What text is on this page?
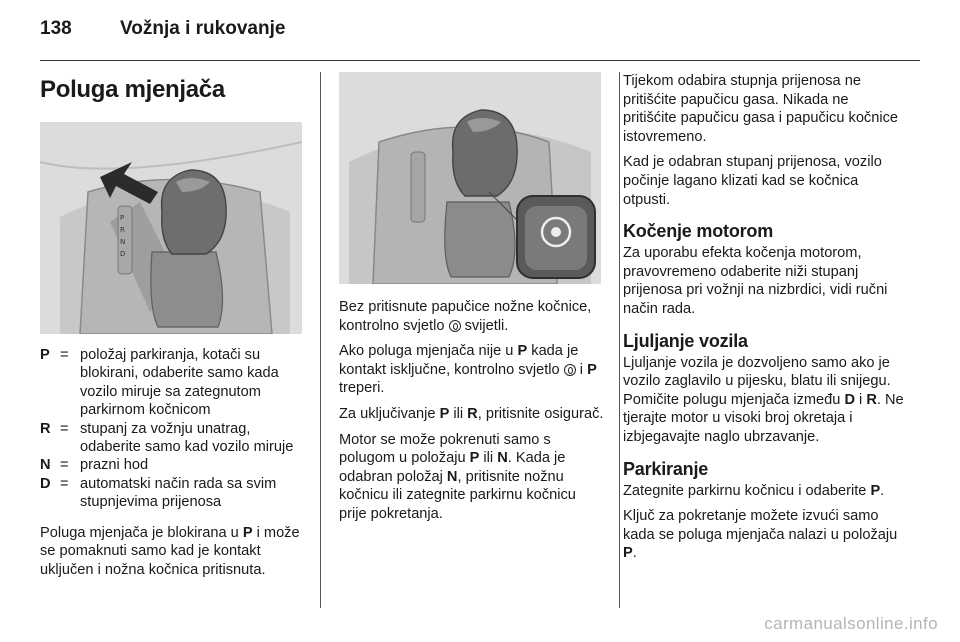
138	Vožnja i rukovanje
Poluga mjenjača
P
R
N
D
P = položaj parkiranja, kotači su blokirani, odaberite samo kada vozilo miruje sa zategnutom parkirnom kočnicom
R = stupanj za vožnju unatrag, odaberite samo kad vozilo miruje
N = prazni hod
D = automatski način rada sa svim stupnjevima prijenosa

Poluga mjenjača je blokirana u P i može se pomaknuti samo kad je kontakt uključen i nožna kočnica pritisnuta.

Bez pritisnute papučice nožne kočnice, kontrolno svjetlo  svijetli.

Ako poluga mjenjača nije u P kada je kontakt isključne, kontrolno svjetlo  i P treperi.

Za uključivanje P ili R, pritisnite osigurač.

Motor se može pokrenuti samo s polugom u položaju P ili N. Kada je odabran položaj N, pritisnite nožnu kočnicu ili zategnite parkirnu kočnicu prije pokretanja.

Tijekom odabira stupnja prijenosa ne pritišćite papučicu gasa. Nikada ne pritišćite papučicu gasa i papučicu kočnice istovremeno.

Kad je odabran stupanj prijenosa, vozilo počinje lagano klizati kad se kočnica otpusti.

Kočenje motorom

Za uporabu efekta kočenja motorom, pravovremeno odaberite niži stupanj prijenosa pri vožnji na nizbrdici, vidi ručni način rada.

Ljuljanje vozila

Ljuljanje vozila je dozvoljeno samo ako je vozilo zaglavilo u pijesku, blatu ili snijegu. Pomičite polugu mjenjača između D i R. Ne tjerajte motor u visoki broj okretaja i izbjegavajte naglo ubrzavanje.

Parkiranje

Zategnite parkirnu kočnicu i odaberite P.

Ključ za pokretanje možete izvući samo kada se poluga mjenjača nalazi u položaju P.

carmanualsonline.info
